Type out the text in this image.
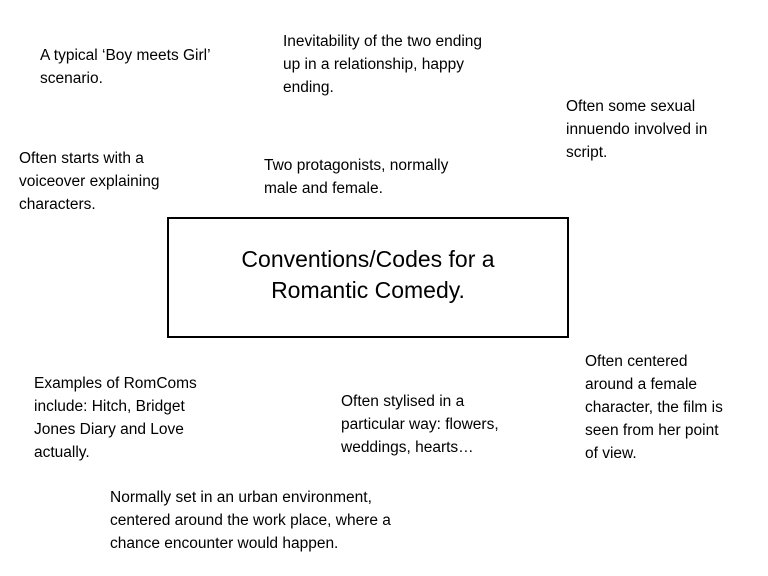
A typical ‘Boy meets Girl’
scenario.
Inevitability of the two ending
up in a relationship, happy
ending.
Often some sexual
innuendo involved in
script.
Often starts with a
voiceover explaining
characters.
Two protagonists, normally
male and female.
Conventions/Codes for a
Romantic Comedy.
Examples of RomComs
include: Hitch, Bridget
Jones Diary and Love
actually.
Often stylised in a
particular way: flowers,
weddings, hearts…
Often centered
around a female
character, the film is
seen from her point
of view.
Normally set in an urban environment,
centered around the work place, where a
chance encounter would happen.
